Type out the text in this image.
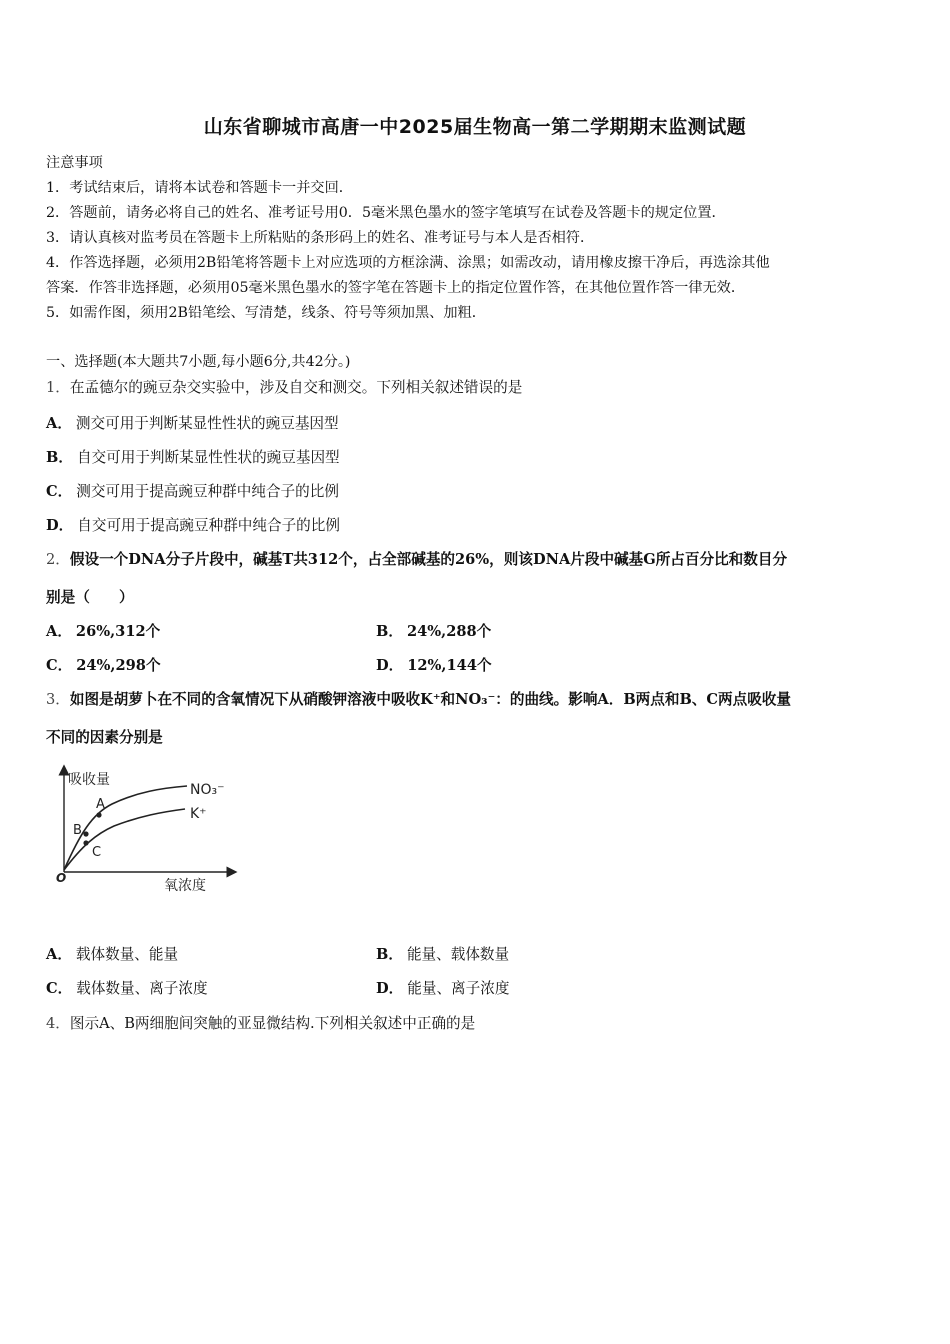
山东省聊城市高唐一中2025届生物高一第二学期期末监测试题
注意事项
1．考试结束后，请将本试卷和答题卡一并交回．
2．答题前，请务必将自己的姓名、准考证号用0．5毫米黑色墨水的签字笔填写在试卷及答题卡的规定位置．
3．请认真核对监考员在答题卡上所粘贴的条形码上的姓名、准考证号与本人是否相符．
4．作答选择题，必须用2B铅笔将答题卡上对应选项的方框涂满、涂黑；如需改动，请用橡皮擦干净后，再选涂其他
答案．作答非选择题，必须用05毫米黑色墨水的签字笔在答题卡上的指定位置作答，在其他位置作答一律无效．
5．如需作图，须用2B铅笔绘、写清楚，线条、符号等须加黑、加粗．
一、选择题(本大题共7小题,每小题6分,共42分。)
1．在孟德尔的豌豆杂交实验中，涉及自交和测交。下列相关叙述错误的是
A． 测交可用于判断某显性性状的豌豆基因型
B． 自交可用于判断某显性性状的豌豆基因型
C． 测交可用于提高豌豆种群中纯合子的比例
D． 自交可用于提高豌豆种群中纯合子的比例
2．假设一个DNA分子片段中，碱基T共312个，占全部碱基的26%，则该DNA片段中碱基G所占百分比和数目分
别是（　　）
A． 26%,312个	B． 24%,288个
C． 24%,298个	D． 12%,144个
3．如图是胡萝卜在不同的含氧情况下从硝酸钾溶液中吸收K⁺和NO₃⁻：的曲线。影响A．B两点和B、C两点吸收量
不同的因素分别是
吸收量
氧浓度
O
NO₃⁻
K⁺
A
B
C
A． 载体数量、能量	B． 能量、载体数量
C． 载体数量、离子浓度	D． 能量、离子浓度
4．图示A、B两细胞间突触的亚显微结构.下列相关叙述中正确的是
